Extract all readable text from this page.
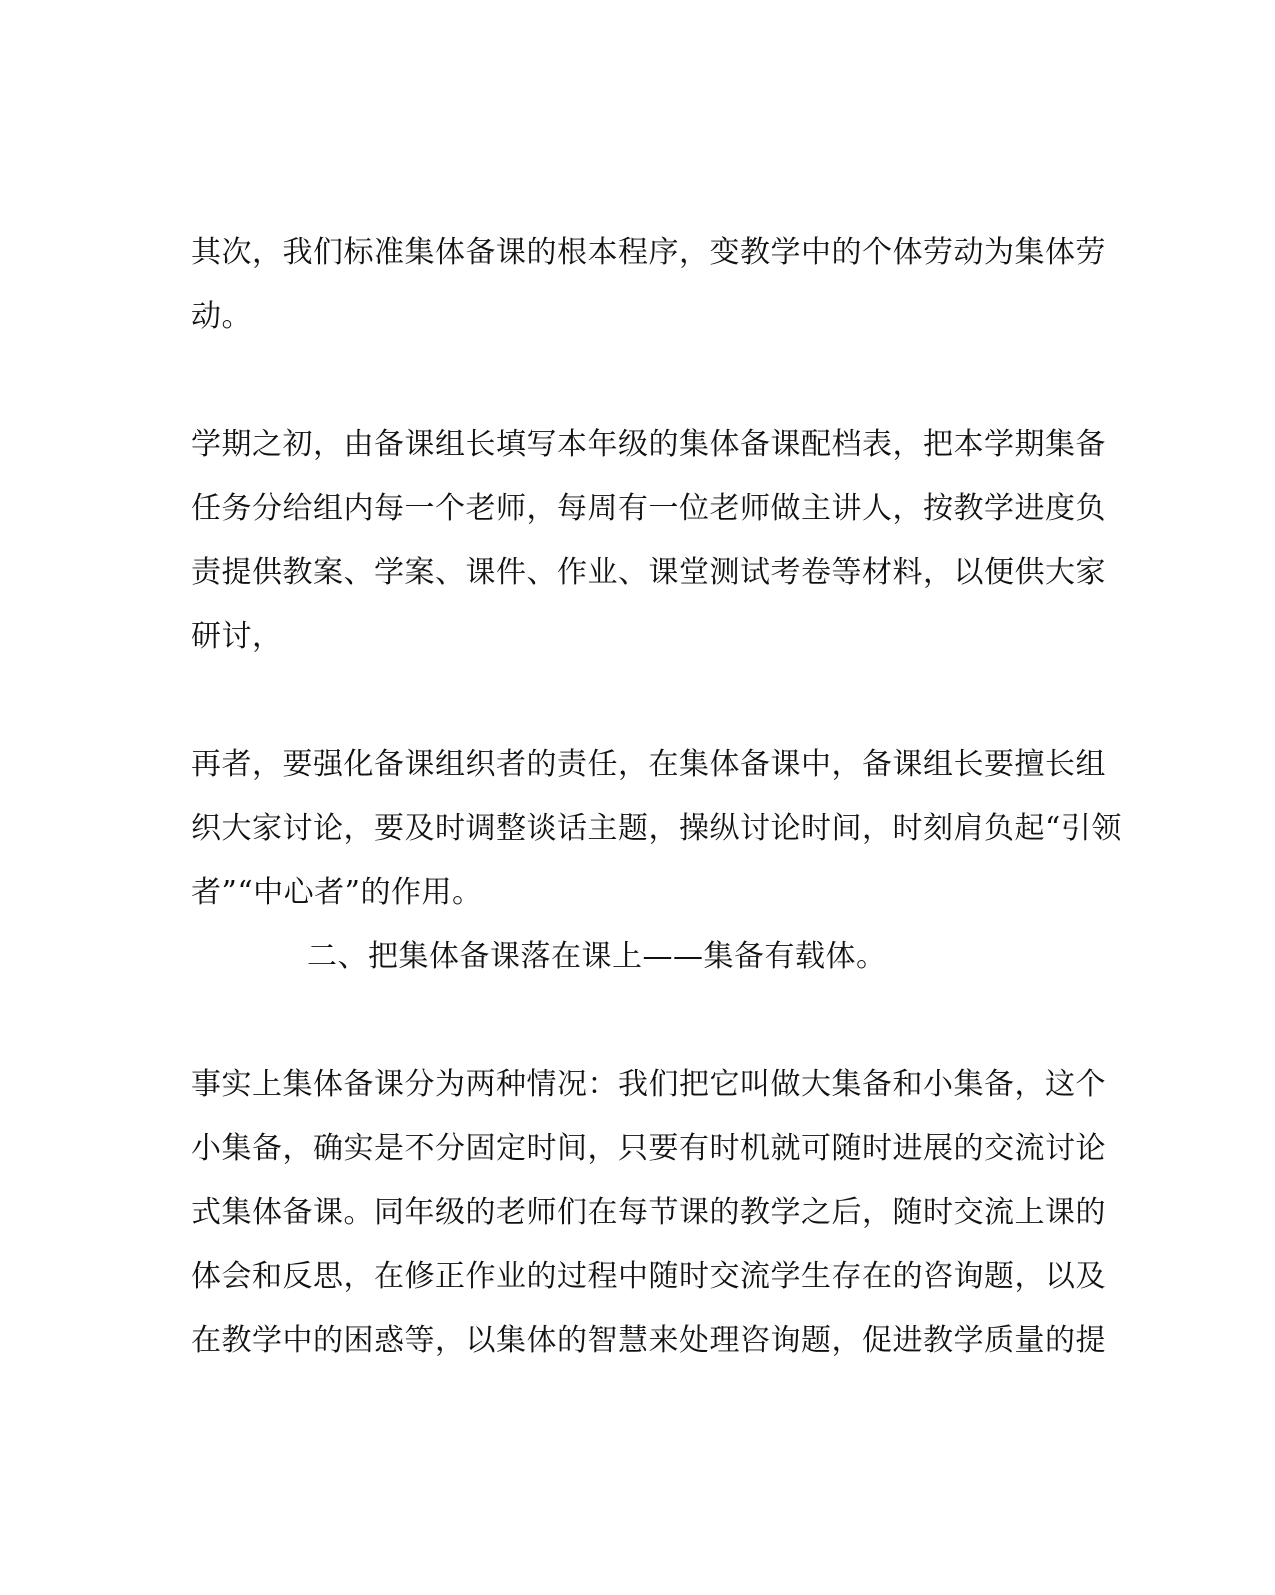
其次，我们标准集体备课的根本程序，变教学中的个体劳动为集体劳
动。
学期之初，由备课组长填写本年级的集体备课配档表，把本学期集备
任务分给组内每一个老师，每周有一位老师做主讲人，按教学进度负
责提供教案、学案、课件、作业、课堂测试考卷等材料，以便供大家
研讨，
再者，要强化备课组织者的责任，在集体备课中，备课组长要擅长组
织大家讨论，要及时调整谈话主题，操纵讨论时间，时刻肩负起“引领
者”“中心者”的作用。
二、把集体备课落在课上——集备有载体。
事实上集体备课分为两种情况：我们把它叫做大集备和小集备，这个
小集备，确实是不分固定时间，只要有时机就可随时进展的交流讨论
式集体备课。同年级的老师们在每节课的教学之后，随时交流上课的
体会和反思，在修正作业的过程中随时交流学生存在的咨询题，以及
在教学中的困惑等，以集体的智慧来处理咨询题，促进教学质量的提
